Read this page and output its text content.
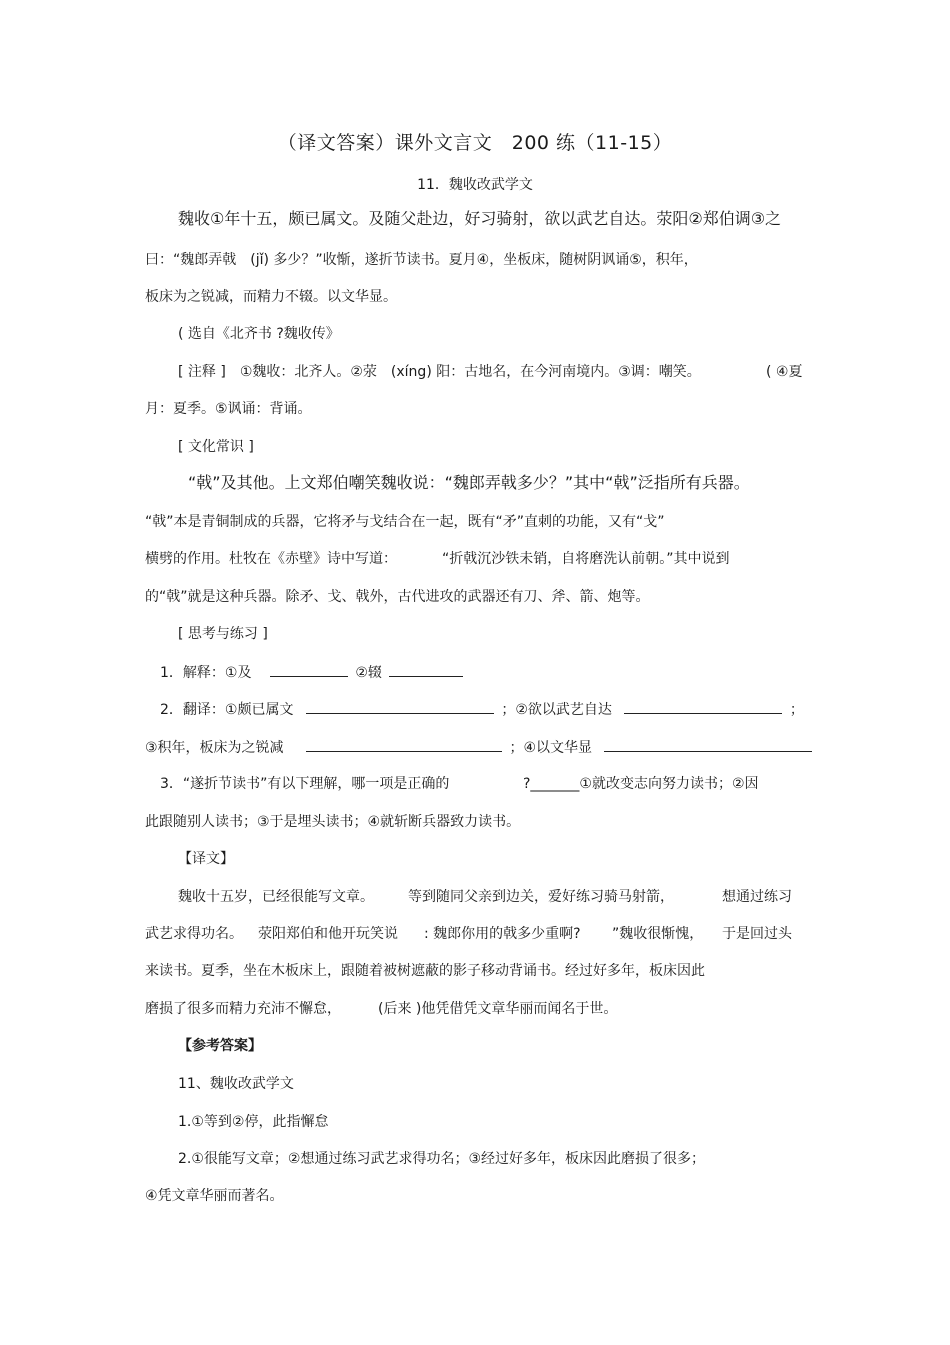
（译文答案）课外文言文　200 练（11-15）
11．魏收改武学文
魏收①年十五，颇已属文。及随父赴边，好习骑射，欲以武艺自达。荥阳②郑伯调③之
曰：“魏郎弄戟　(jǐ) 多少？”收惭，遂折节读书。夏月④，坐板床，随树阴讽诵⑤，积年，
板床为之锐减，而精力不辍。以文华显。
( 选自《北齐书 ?魏收传》
[ 注释 ]　①魏收：北齐人。②荥　(xíng) 阳：古地名，在今河南境内。③调：嘲笑。	( ④夏
月：夏季。⑤讽诵：背诵。
[ 文化常识 ]
“戟”及其他。上文郑伯嘲笑魏收说：“魏郎弄戟多少？”其中“戟”泛指所有兵器。
“戟”本是青铜制成的兵器，它将矛与戈结合在一起，既有“矛”直刺的功能，又有“戈”
横劈的作用。杜牧在《赤壁》诗中写道：	“折戟沉沙铁未销，自将磨洗认前朝。”其中说到
的“戟”就是这种兵器。除矛、戈、戟外，古代进攻的武器还有刀、斧、箭、炮等。
[ 思考与练习 ]
1．解释：①及	②辍
2．翻译：①颇已属文	；②欲以武艺自达	；
③积年，板床为之锐减	；④以文华显
3．“遂折节读书”有以下理解，哪一项是正确的	?_______①就改变志向努力读书；②因
此跟随别人读书；③于是埋头读书；④就斩断兵器致力读书。
【译文】
魏收十五岁，已经很能写文章。 等到随同父亲到边关，爱好练习骑马射箭，	想通过练习
武艺求得功名。 荥阳郑伯和他开玩笑说 : 魏郎你用的戟多少重啊? ”魏收很惭愧， 于是回过头
来读书。夏季，坐在木板床上，跟随着被树遮蔽的影子移动背诵书。经过好多年，板床因此
磨损了很多而精力充沛不懈怠，	(后来 )他凭借凭文章华丽而闻名于世。
【参考答案】
11、魏收改武学文
1.①等到②停，此指懈怠
2.①很能写文章；②想通过练习武艺求得功名；③经过好多年，板床因此磨损了很多；
④凭文章华丽而著名。
